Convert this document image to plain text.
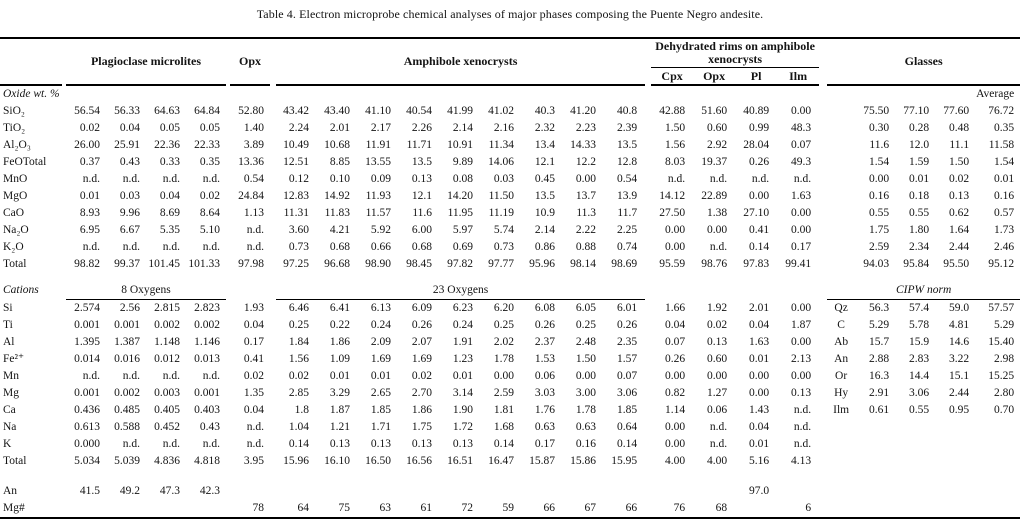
Table 4. Electron microprobe chemical analyses of major phases composing the Puente Negro andesite.
		Plagioclase microlites					Opx		Amphibole xenocrysts										Dehydrated rims on amphibole xenocrysts					Glasses				
																			Cpx	Opx	Pl	Ilm						
Oxide wt. %																												Average
SiO₂		56.54	56.33	64.63	64.84		52.80		43.42	43.40	41.10	40.54	41.99	41.02	40.3	41.20	40.8		42.88	51.60	40.89	0.00			75.50	77.10	77.60	76.72
TiO₂		0.02	0.04	0.05	0.05		1.40		2.24	2.01	2.17	2.26	2.14	2.16	2.32	2.23	2.39		1.50	0.60	0.99	48.3			0.30	0.28	0.48	0.35
Al₂O₃		26.00	25.91	22.36	22.33		3.89		10.49	10.68	11.91	11.71	10.91	11.34	13.4	14.33	13.5		1.56	2.92	28.04	0.07			11.6	12.0	11.1	11.58
FeOTotal		0.37	0.43	0.33	0.35		13.36		12.51	8.85	13.55	13.5	9.89	14.06	12.1	12.2	12.8		8.03	19.37	0.26	49.3			1.54	1.59	1.50	1.54
MnO		n.d.	n.d.	n.d.	n.d.		0.54		0.12	0.10	0.09	0.13	0.08	0.03	0.45	0.00	0.54		n.d.	n.d.	n.d.	n.d.			0.00	0.01	0.02	0.01
MgO		0.01	0.03	0.04	0.02		24.84		12.83	14.92	11.93	12.1	14.20	11.50	13.5	13.7	13.9		14.12	22.89	0.00	1.63			0.16	0.18	0.13	0.16
CaO		8.93	9.96	8.69	8.64		1.13		11.31	11.83	11.57	11.6	11.95	11.19	10.9	11.3	11.7		27.50	1.38	27.10	0.00			0.55	0.55	0.62	0.57
Na₂O		6.95	6.67	5.35	5.10		n.d.		3.60	4.21	5.92	6.00	5.97	5.74	2.14	2.22	2.25		0.00	0.00	0.41	0.00			1.75	1.80	1.64	1.73
K₂O		n.d.	n.d.	n.d.	n.d.		n.d.		0.73	0.68	0.66	0.68	0.69	0.73	0.86	0.88	0.74		0.00	n.d.	0.14	0.17			2.59	2.34	2.44	2.46
Total		98.82	99.37	101.45	101.33		97.98		97.25	96.68	98.90	98.45	97.82	97.77	95.96	98.14	98.69		95.59	98.76	97.83	99.41			94.03	95.84	95.50	95.12

Cations		8 Oxygens							23 Oxygens															CIPW norm				
Si		2.574	2.56	2.815	2.823		1.93		6.46	6.41	6.13	6.09	6.23	6.20	6.08	6.05	6.01		1.66	1.92	2.01	0.00		Qz	56.3	57.4	59.0	57.57
Ti		0.001	0.001	0.002	0.002		0.04		0.25	0.22	0.24	0.26	0.24	0.25	0.26	0.25	0.26		0.04	0.02	0.04	1.87		C	5.29	5.78	4.81	5.29
Al		1.395	1.387	1.148	1.146		0.17		1.84	1.86	2.09	2.07	1.91	2.02	2.37	2.48	2.35		0.07	0.13	1.63	0.00		Ab	15.7	15.9	14.6	15.40
Fe²⁺		0.014	0.016	0.012	0.013		0.41		1.56	1.09	1.69	1.69	1.23	1.78	1.53	1.50	1.57		0.26	0.60	0.01	2.13		An	2.88	2.83	3.22	2.98
Mn		n.d.	n.d.	n.d.	n.d.		0.02		0.02	0.01	0.01	0.02	0.01	0.00	0.06	0.00	0.07		0.00	0.00	0.00	0.00		Or	16.3	14.4	15.1	15.25
Mg		0.001	0.002	0.003	0.001		1.35		2.85	3.29	2.65	2.70	3.14	2.59	3.03	3.00	3.06		0.82	1.27	0.00	0.13		Hy	2.91	3.06	2.44	2.80
Ca		0.436	0.485	0.405	0.403		0.04		1.8	1.87	1.85	1.86	1.90	1.81	1.76	1.78	1.85		1.14	0.06	1.43	n.d.		Ilm	0.61	0.55	0.95	0.70
Na		0.613	0.588	0.452	0.43		n.d.		1.04	1.21	1.71	1.75	1.72	1.68	0.63	0.63	0.64		0.00	n.d.	0.04	n.d.						
K		0.000	n.d.	n.d.	n.d.		n.d.		0.14	0.13	0.13	0.13	0.13	0.14	0.17	0.16	0.14		0.00	n.d.	0.01	n.d.						
Total		5.034	5.039	4.836	4.818		3.95		15.96	16.10	16.50	16.56	16.51	16.47	15.87	15.86	15.95		4.00	4.00	5.16	4.13						

An		41.5	49.2	47.3	42.3																97.0							
Mg#							78		64	75	63	61	72	59	66	67	66		76	68		6						
